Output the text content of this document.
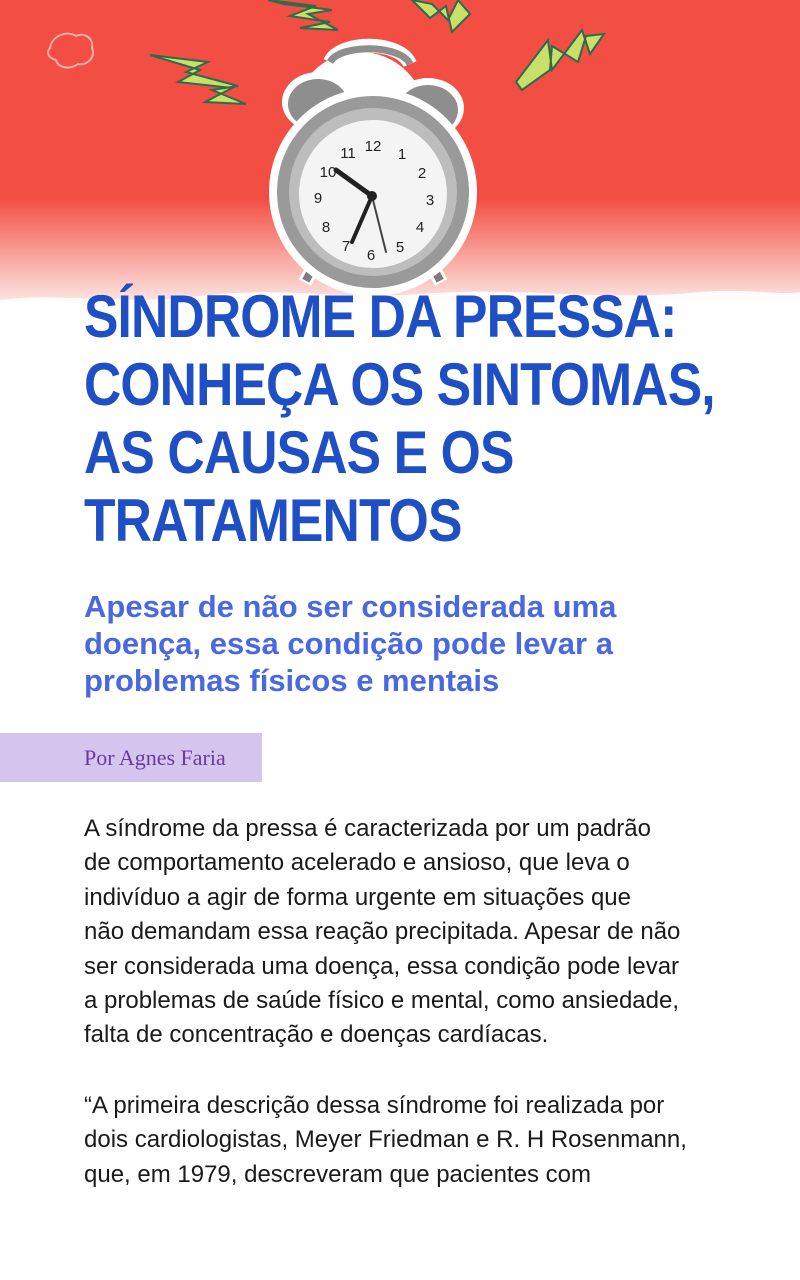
12 1
2
3
4
5
6
7
8
9
10
11
SÍNDROME DA PRESSA:
CONHEÇA OS SINTOMAS,
AS CAUSAS E OS
TRATAMENTOS
Apesar de não ser considerada uma
doença, essa condição pode levar a
problemas físicos e mentais
Por Agnes Faria

A síndrome da pressa é caracterizada por um padrão
de comportamento acelerado e ansioso, que leva o
indivíduo a agir de forma urgente em situações que
não demandam essa reação precipitada. Apesar de não
ser considerada uma doença, essa condição pode levar
a problemas de saúde físico e mental, como ansiedade,
falta de concentração e doenças cardíacas.

“A primeira descrição dessa síndrome foi realizada por
dois cardiologistas, Meyer Friedman e R. H Rosenmann,
que, em 1979, descreveram que pacientes com
